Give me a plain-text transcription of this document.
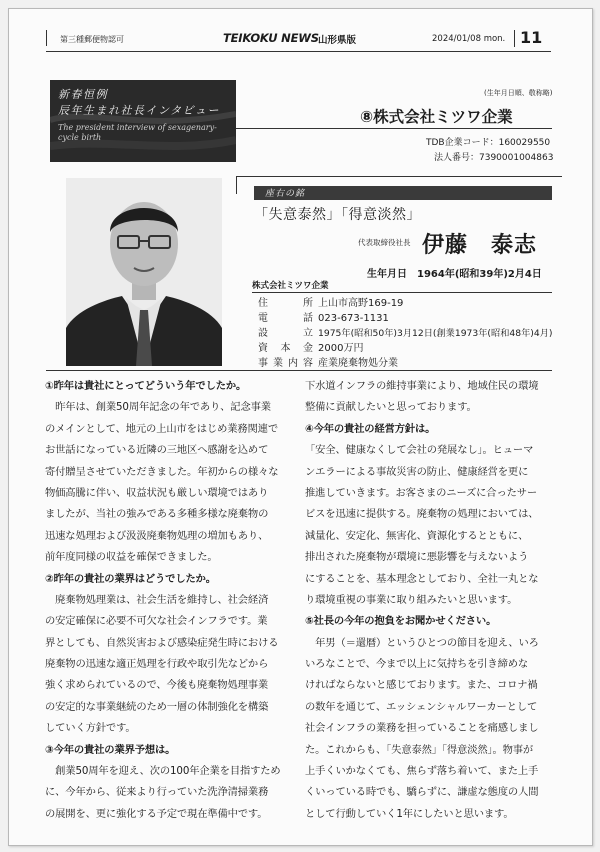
第三種郵便物認可	TEIKOKU NEWS 山形県版	2024/01/08 mon. 11
新春恒例
辰年生まれ社長インタビュー
The president interview of sexagenary-cycle birth
(生年月日順、敬称略)
⑧株式会社ミツワ企業
TDB企業コード：160029550
法人番号：7390001004863
座右の銘
「失意泰然」「得意淡然」
代表取締役社長 伊藤　泰志
生年月日　1964年(昭和39年)2月4日
株式会社ミツワ企業
住所 上山市高野169-19
電話 023-673-1131
設立 1975年(昭和50年)3月12日(創業1973年(昭和48年)4月)
資本金 2000万円
事業内容 産業廃棄物処分業
①昨年は貴社にとってどういう年でしたか。
　昨年は、創業50周年記念の年であり、記念事業
のメインとして、地元の上山市をはじめ業務関連で
お世話になっている近隣の三地区へ感謝を込めて
寄付贈呈させていただきました。年初からの様々な
物価高騰に伴い、収益状況も厳しい環境ではあり
ましたが、当社の強みである多種多様な廃棄物の
迅速な処理および汲汲廃棄物処理の増加もあり、
前年度同様の収益を確保できました。
②昨年の貴社の業界はどうでしたか。
　廃棄物処理業は、社会生活を維持し、社会経済
の安定確保に必要不可欠な社会インフラです。業
界としても、自然災害および感染症発生時における
廃棄物の迅速な適正処理を行政や取引先などから
強く求められているので、今後も廃棄物処理事業
の安定的な事業継続のため一層の体制強化を構築
していく方針です。
③今年の貴社の業界予想は。
　創業50周年を迎え、次の100年企業を目指すため
に、今年から、従来より行っていた洗浄清掃業務
の展開を、更に強化する予定で現在準備中です。
下水道インフラの維持事業により、地域住民の環境
整備に貢献したいと思っております。
④今年の貴社の経営方針は。
「安全、健康なくして会社の発展なし」。ヒューマ
ンエラーによる事故災害の防止、健康経営を更に
推進していきます。お客さまのニーズに合ったサー
ビスを迅速に提供する。廃棄物の処理においては、
減量化、安定化、無害化、資源化するとともに、
排出された廃棄物が環境に悪影響を与えないよう
にすることを、基本理念としており、全社一丸とな
り環境重視の事業に取り組みたいと思います。
⑤社長の今年の抱負をお聞かせください。
　年男（＝還暦）というひとつの節目を迎え、いろ
いろなことで、今まで以上に気持ちを引き締めな
ければならないと感じております。また、コロナ禍
の数年を通じて、エッシェンシャルワーカーとして
社会インフラの業務を担っていることを痛感しまし
た。これからも、「失意泰然」「得意淡然」。物事が
上手くいかなくても、焦らず落ち着いて、また上手
くいっている時でも、驕らずに、謙虚な態度の人間
として行動していく1年にしたいと思います。
